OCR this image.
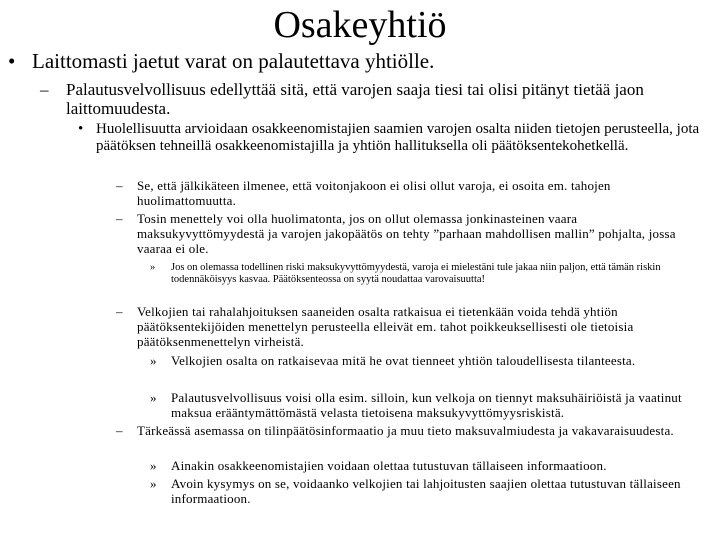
Osakeyhtiö
• Laittomasti jaetut varat on palautettava yhtiölle.
–	Palautusvelvollisuus edellyttää sitä, että varojen saaja tiesi tai olisi pitänyt tietää jaon laittomuudesta.
• Huolellisuutta arvioidaan osakkeenomistajien saamien varojen osalta niiden tietojen perusteella, jota päätöksen tehneillä osakkeenomistajilla ja yhtiön hallituksella oli päätöksentekohetkellä.
–	Se, että jälkikäteen ilmenee, että voitonjakoon ei olisi ollut varoja, ei osoita em. tahojen huolimattomuutta.
–	Tosin menettely voi olla huolimatonta, jos on ollut olemassa jonkinasteinen vaara maksukyvyttömyydestä ja varojen jakopäätös on tehty ”parhaan mahdollisen mallin” pohjalta, jossa vaaraa ei ole.
»	Jos on olemassa todellinen riski maksukyvyttömyydestä, varoja ei mielestäni tule jakaa niin paljon, että tämän riskin todennäköisyys kasvaa. Päätöksenteossa on syytä noudattaa varovaisuutta!
–	Velkojien tai rahalahjoituksen saaneiden osalta ratkaisua ei tietenkään voida tehdä yhtiön päätöksentekijöiden menettelyn perusteella elleivät em. tahot poikkeuksellisesti ole tietoisia päätöksenmenettelyn virheistä.
»	Velkojien osalta on ratkaisevaa mitä he ovat tienneet yhtiön taloudellisesta tilanteesta.
»	Palautusvelvollisuus voisi olla esim. silloin, kun velkoja on tiennyt maksuhäiriöistä ja vaatinut maksua erääntymättömästä velasta tietoisena maksukyvyttömyysriskistä.
–	Tärkeässä asemassa on tilinpäätösinformaatio ja muu tieto maksuvalmiudesta ja vakavaraisuudesta.
»	Ainakin osakkeenomistajien voidaan olettaa tutustuvan tällaiseen informaatioon.
»	Avoin kysymys on se, voidaanko velkojien tai lahjoitusten saajien olettaa tutustuvan tällaiseen informaatioon.
